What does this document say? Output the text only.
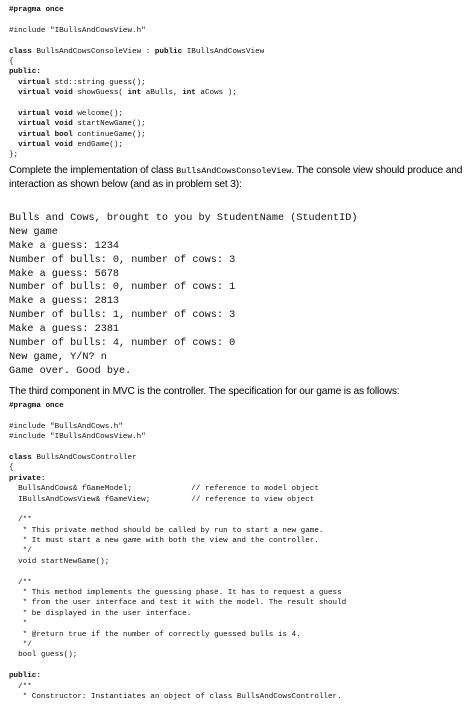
#pragma once

#include "IBullsAndCowsView.h"

class BullsAndCowsConsoleView : public IBullsAndCowsView
{
public:
virtual std::string guess();
virtual void showGuess( int aBulls, int aCows );

virtual void welcome();
virtual void startNewGame();
virtual bool continueGame();
virtual void endGame();
};
Complete the implementation of class BullsAndCowsConsoleView. The console view should produce and interaction as shown below (and as in problem set 3):
Bulls and Cows, brought to you by StudentName (StudentID)
New game
Make a guess: 1234
Number of bulls: 0, number of cows: 3
Make a guess: 5678
Number of bulls: 0, number of cows: 1
Make a guess: 2813
Number of bulls: 1, number of cows: 3
Make a guess: 2381
Number of bulls: 4, number of cows: 0
New game, Y/N? n
Game over. Good bye.
The third component in MVC is the controller. The specification for our game is as follows:
#pragma once

#include "BullsAndCows.h"
#include "IBullsAndCowsView.h"

class BullsAndCowsController
{
private:
BullsAndCows& fGameModel;             // reference to model object
IBullsAndCowsView& fGameView;         // reference to view object

/**
* This private method should be called by run to start a new game.
* It must start a new game with both the view and the controller.
*/
void startNewGame();

/**
* This method implements the guessing phase. It has to request a guess
* from the user interface and test it with the model. The result should
* be displayed in the user interface.
*
* @return true if the number of correctly guessed bulls is 4.
*/
bool guess();

public:
/**
* Constructor: Instantiates an object of class BullsAndCowsController.
